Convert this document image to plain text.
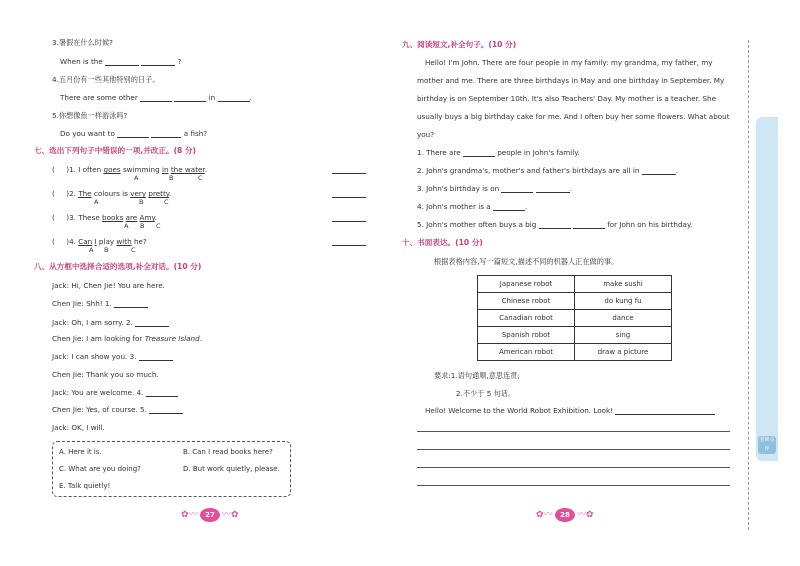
3.暑假在什么时候?
When is the	?
4.五月份有一些其他特别的日子。
There are some other	in	.
5.你想像鱼一样游泳吗?
Do you want to	a fish?
七、选出下列句子中错误的一项,并改正。(8 分)
( )1. I often goes swimming in the water.
A	B	C
( )2. The colours is very pretty.
A	B	C
( )3. These books are Amy.
A B C
( )4. Can I play with he?
A B	C
八、从方框中选择合适的选项,补全对话。(10 分)
Jack: Hi, Chen Jie! You are here.
Chen Jie: Shh! 1.
Jack: Oh, I am sorry. 2.
Chen Jie: I am looking for Treasure Island.
Jack: I can show you. 3.
Chen Jie: Thank you so much.
Jack: You are welcome. 4.
Chen Jie: Yes, of course. 5.
Jack: OK, I will.
A. Here it is.	B. Can I read books here?
C. What are you doing?	D. But work quietly, please.
E. Talk quietly!
✿〰	27 〰✿
九、阅读短文,补全句子。(10 分)
Hello! I'm John. There are four people in my family: my grandma, my father, my
mother and me. There are three birthdays in May and one birthday in September. My
birthday is on September 10th. It's also Teachers' Day. My mother is a teacher. She
usually buys a big birthday cake for me. And I often buy her some flowers. What about
you?
1. There are	people in John's family.
2. John's grandma's, mother's and father's birthdays are all in	.
3. John's birthday is on	.
4. John's mother is a	.
5. John's mother often buys a big	for John on his birthday.
十、书面表达。(10 分)
根据表格内容,写一篇短文,描述不同的机器人正在做的事。
Japanese robot	make sushi
Chinese robot	do kung fu
Canadian robot	dance
Spanish robot	sing
American robot	draw a picture
要求:1.语句通顺,意思连贯;
2.不少于 5 句话。
Hello! Welcome to the World Robot Exhibition. Look!
✿〰	28 〰✿
老师点评
